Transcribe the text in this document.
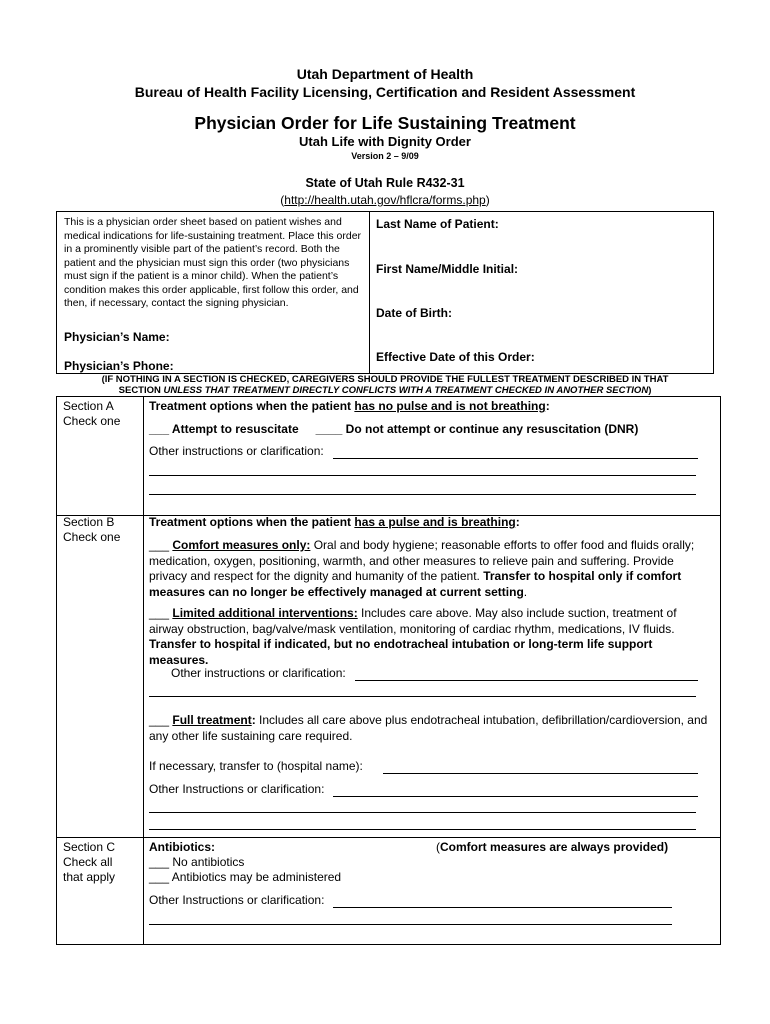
Utah Department of Health
Bureau of Health Facility Licensing, Certification and Resident Assessment
Physician Order for Life Sustaining Treatment
Utah Life with Dignity Order
Version 2 – 9/09
State of Utah Rule R432-31
(http://health.utah.gov/hflcra/forms.php)
This is a physician order sheet based on patient wishes and medical indications for life-sustaining treatment. Place this order in a prominently visible part of the patient’s record. Both the patient and the physician must sign this order (two physicians must sign if the patient is a minor child). When the patient’s condition makes this order applicable, first follow this order, and then, if necessary, contact the signing physician.
Physician’s Name:
Physician’s Phone:
Last Name of Patient:
First Name/Middle Initial:
Date of Birth:
Effective Date of this Order:
(IF NOTHING IN A SECTION IS CHECKED, CAREGIVERS SHOULD PROVIDE THE FULLEST TREATMENT DESCRIBED IN THAT
SECTION UNLESS THAT TREATMENT DIRECTLY CONFLICTS WITH A TREATMENT CHECKED IN ANOTHER SECTION)
Section A
Check one
Treatment options when the patient has no pulse and is not breathing:
___ Attempt to resuscitate ____ Do not attempt or continue any resuscitation (DNR)
Other instructions or clarification:
Section B
Check one
Treatment options when the patient has a pulse and is breathing:
___ Comfort measures only: Oral and body hygiene; reasonable efforts to offer food and fluids orally; medication, oxygen, positioning, warmth, and other measures to relieve pain and suffering. Provide privacy and respect for the dignity and humanity of the patient. Transfer to hospital only if comfort measures can no longer be effectively managed at current setting.
___ Limited additional interventions: Includes care above. May also include suction, treatment of airway obstruction, bag/valve/mask ventilation, monitoring of cardiac rhythm, medications, IV fluids. Transfer to hospital if indicated, but no endotracheal intubation or long-term life support measures.
Other instructions or clarification:
___ Full treatment: Includes all care above plus endotracheal intubation, defibrillation/cardioversion, and any other life sustaining care required.
If necessary, transfer to (hospital name):
Other Instructions or clarification:
Section C
Check all
that apply
Antibiotics:	(Comfort measures are always provided)
___ No antibiotics
___ Antibiotics may be administered
Other Instructions or clarification:
